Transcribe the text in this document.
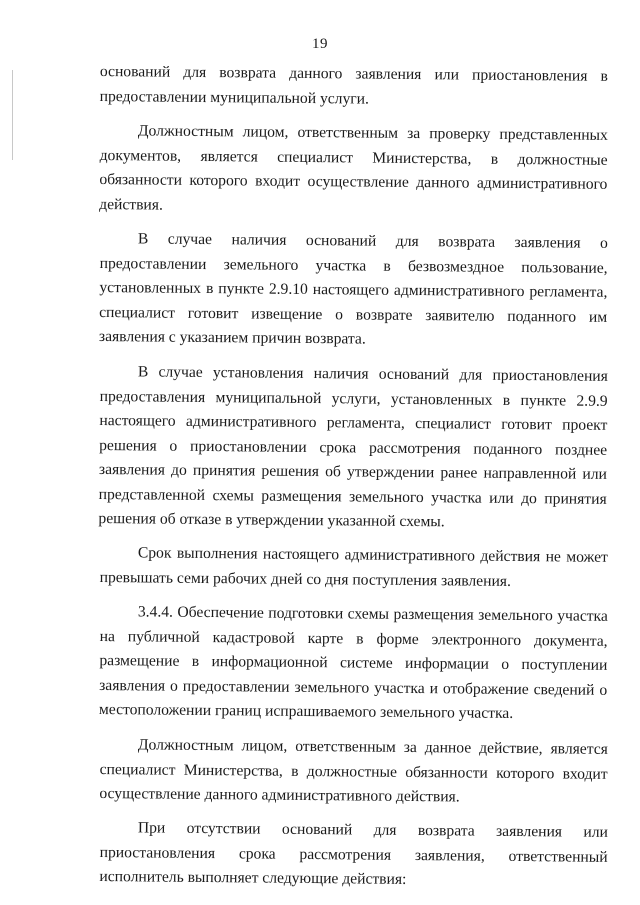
19

оснований для возврата данного заявления или приостановления в предоставлении муниципальной услуги.

Должностным лицом, ответственным за проверку представленных документов, является специалист Министерства, в должностные обязанности которого входит осуществление данного административного действия.

В случае наличия оснований для возврата заявления о предоставлении земельного участка в безвозмездное пользование, установленных в пункте 2.9.10 настоящего административного регламента, специалист готовит извещение о возврате заявителю поданного им заявления с указанием причин возврата.

В случае установления наличия оснований для приостановления предоставления муниципальной услуги, установленных в пункте 2.9.9 настоящего административного регламента, специалист готовит проект решения о приостановлении срока рассмотрения поданного позднее заявления до принятия решения об утверждении ранее направленной или представленной схемы размещения земельного участка или до принятия решения об отказе в утверждении указанной схемы.

Срок выполнения настоящего административного действия не может превышать семи рабочих дней со дня поступления заявления.

3.4.4. Обеспечение подготовки схемы размещения земельного участка на публичной кадастровой карте в форме электронного документа, размещение в информационной системе информации о поступлении заявления о предоставлении земельного участка и отображение сведений о местоположении границ испрашиваемого земельного участка.

Должностным лицом, ответственным за данное действие, является специалист Министерства, в должностные обязанности которого входит осуществление данного административного действия.

При отсутствии оснований для возврата заявления или приостановления срока рассмотрения заявления, ответственный исполнитель выполняет следующие действия:
